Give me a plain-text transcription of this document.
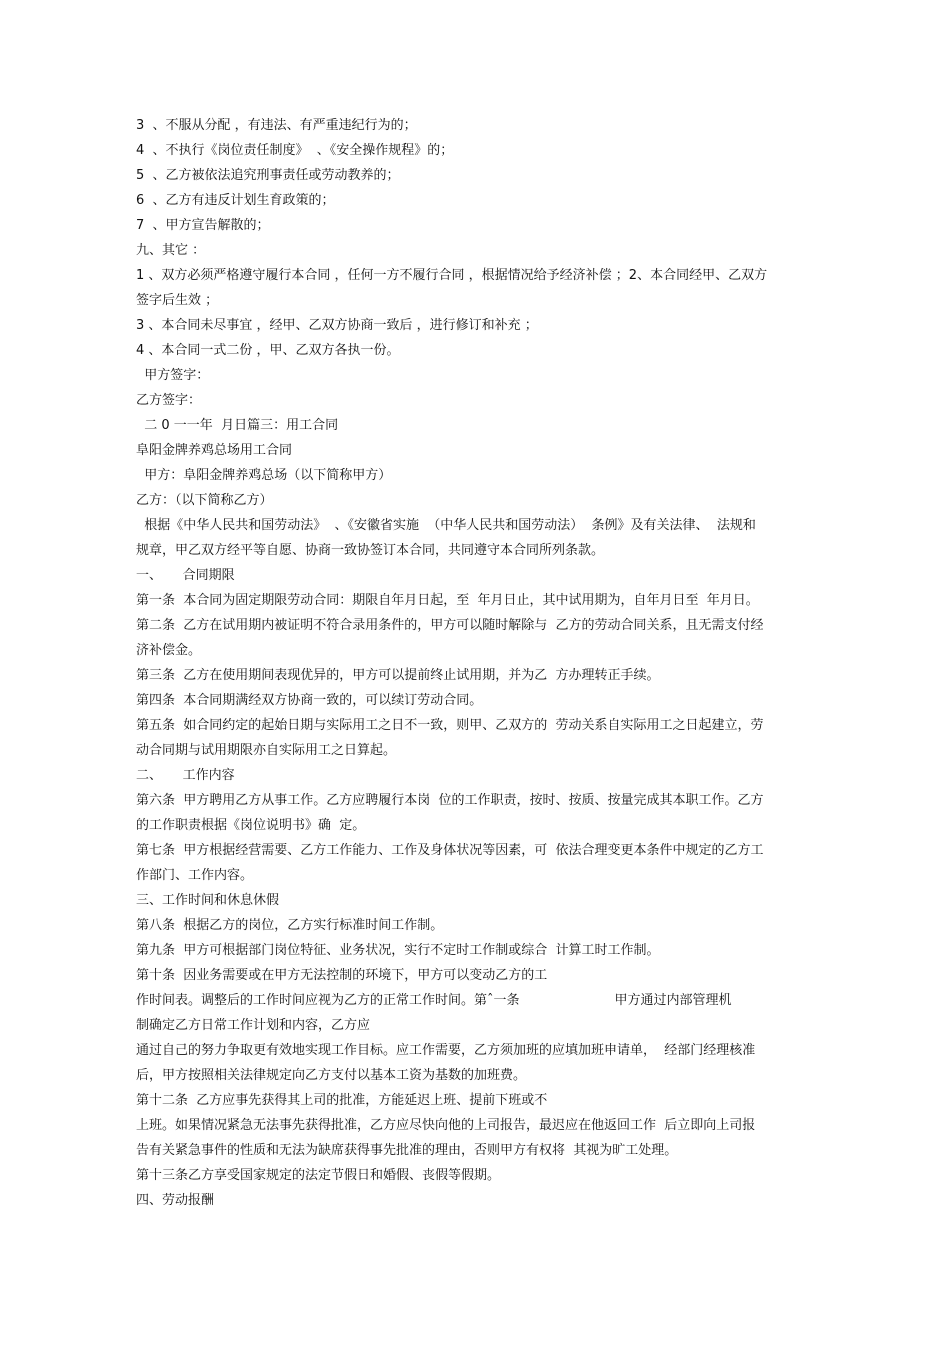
3  、不服从分配 ，有违法、有严重违纪行为的；
4  、不执行《岗位责任制度》  、《安全操作规程》的；
5  、乙方被依法追究刑事责任或劳动教养的；
6  、乙方有违反计划生育政策的；
7  、甲方宣告解散的；
九、其它 ：
1 、双方必须严格遵守履行本合同 ，任何一方不履行合同 ，根据情况给予经济补偿 ；2、本合同经甲、乙双方
签字后生效 ；
3 、本合同未尽事宜 ，经甲、乙双方协商一致后 ，进行修订和补充 ；
4 、本合同一式二份 ，甲、乙双方各执一份。
甲方签字：
乙方签字：
二 0 一一年  月日篇三：用工合同
阜阳金牌养鸡总场用工合同
甲方：阜阳金牌养鸡总场（以下简称甲方）
乙方：（以下简称乙方）
根据《中华人民共和国劳动法》  、《安徽省实施  （中华人民共和国劳动法）  条例》及有关法律、  法规和
规章，甲乙双方经平等自愿、协商一致协签订本合同，共同遵守本合同所列条款。
一、     合同期限
第一条  本合同为固定期限劳动合同：期限自年月日起，至  年月日止，其中试用期为，自年月日至  年月日。
第二条  乙方在试用期内被证明不符合录用条件的，甲方可以随时解除与  乙方的劳动合同关系，且无需支付经
济补偿金。
第三条  乙方在使用期间表现优异的，甲方可以提前终止试用期，并为乙  方办理转正手续。
第四条  本合同期满经双方协商一致的，可以续订劳动合同。
第五条  如合同约定的起始日期与实际用工之日不一致，则甲、乙双方的  劳动关系自实际用工之日起建立，劳
动合同期与试用期限亦自实际用工之日算起。
二、     工作内容
第六条  甲方聘用乙方从事工作。乙方应聘履行本岗  位的工作职责，按时、按质、按量完成其本职工作。乙方
的工作职责根据《岗位说明书》确  定。
第七条  甲方根据经营需要、乙方工作能力、工作及身体状况等因素，可  依法合理变更本条件中规定的乙方工
作部门、工作内容。
三、工作时间和休息休假
第八条  根据乙方的岗位，乙方实行标准时间工作制。
第九条  甲方可根据部门岗位特征、业务状况，实行不定时工作制或综合  计算工时工作制。
第十条  因业务需要或在甲方无法控制的环境下，甲方可以变动乙方的工
作时间表。调整后的工作时间应视为乙方的正常工作时间。第ˆ一条                       甲方通过内部管理机
制确定乙方日常工作计划和内容，乙方应
通过自己的努力争取更有效地实现工作目标。应工作需要，乙方须加班的应填加班申请单，  经部门经理核准
后，甲方按照相关法律规定向乙方支付以基本工资为基数的加班费。
第十二条  乙方应事先获得其上司的批准，方能延迟上班、提前下班或不
上班。如果情况紧急无法事先获得批准，乙方应尽快向他的上司报告，最迟应在他返回工作  后立即向上司报
告有关紧急事件的性质和无法为缺席获得事先批准的理由，否则甲方有权将  其视为旷工处理。
第十三条乙方享受国家规定的法定节假日和婚假、丧假等假期。
四、劳动报酬
